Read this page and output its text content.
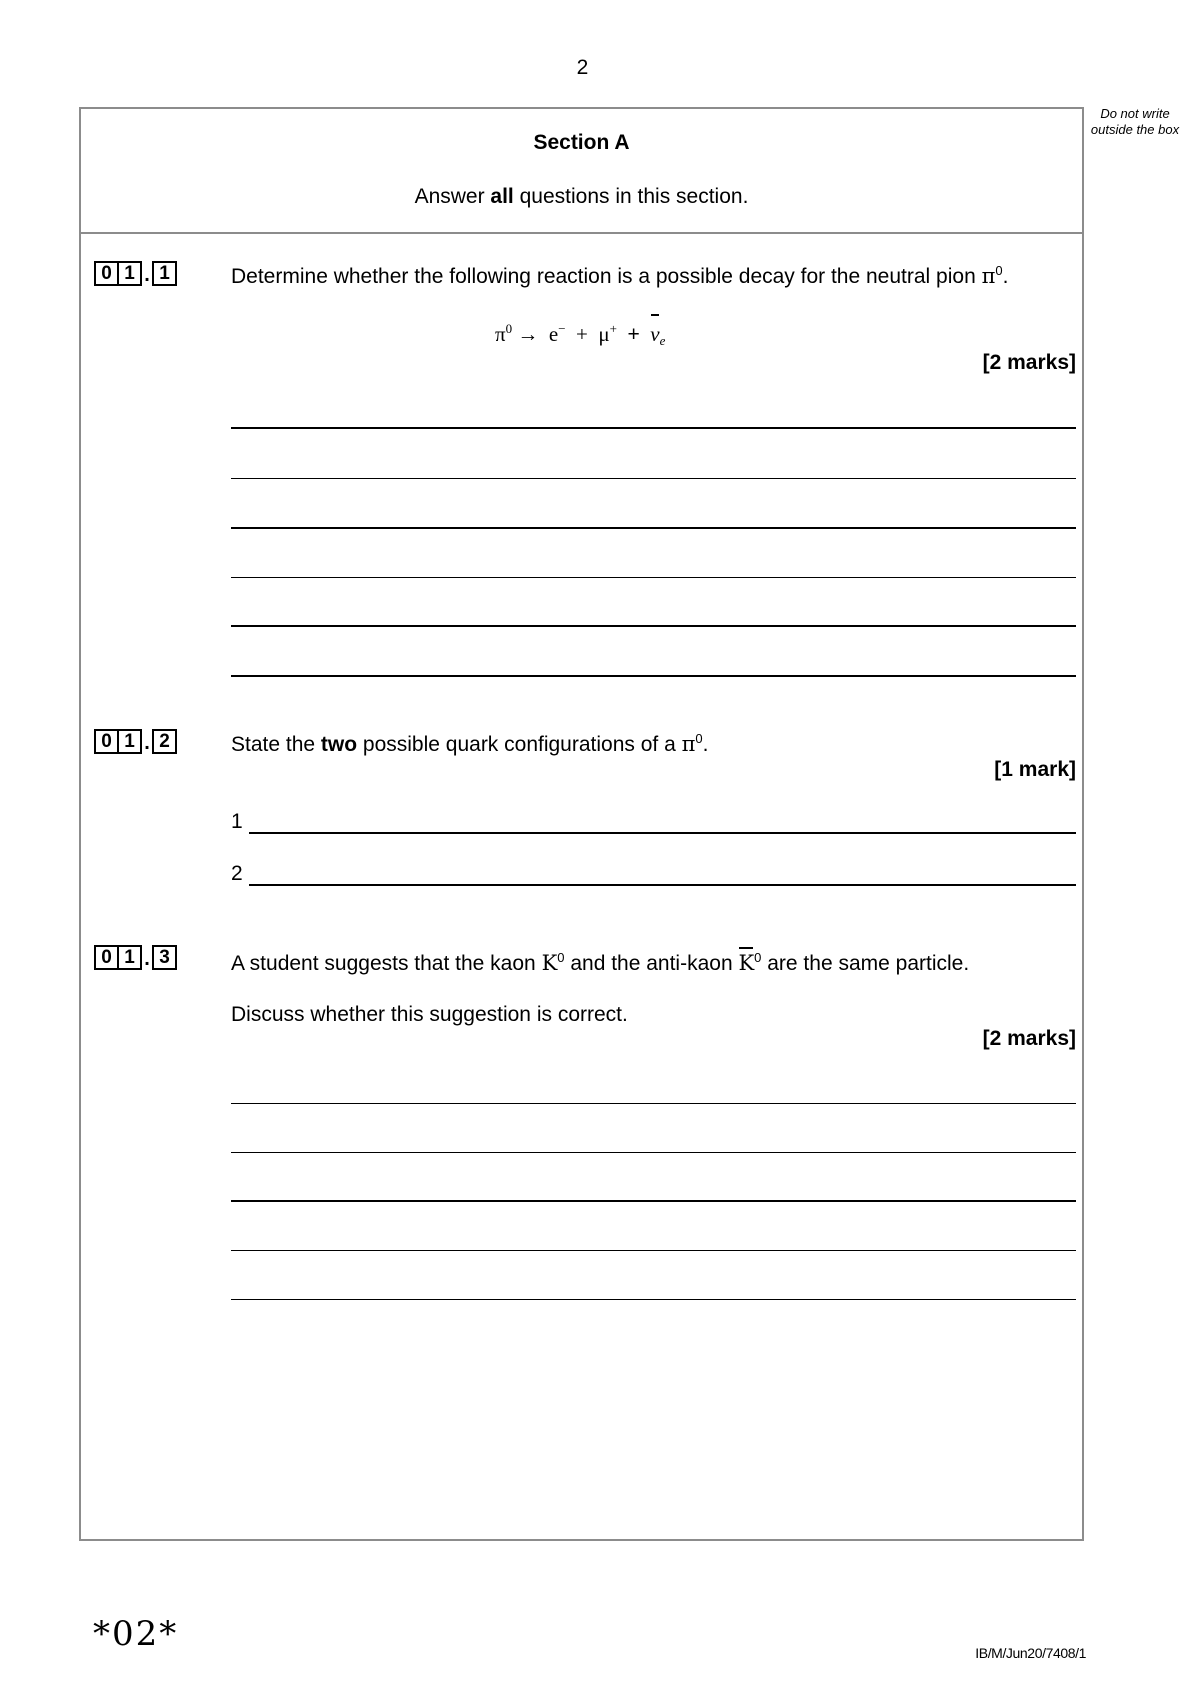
2
Do not write outside the box
Section A
Answer all questions in this section.
0 1 . 1	Determine whether the following reaction is a possible decay for the neutral pion $\pi^0$.
$\pi^0 \to e^- + \mu^+ + \nu_e$
[2 marks]
0 1 . 2	State the two possible quark configurations of a $\pi^0$.
[1 mark]
1
2
0 1 . 3	A student suggests that the kaon $K^0$ and the anti-kaon $K^0$ are the same particle.
Discuss whether this suggestion is correct.
[2 marks]
*02*	IB/M/Jun20/7408/1
